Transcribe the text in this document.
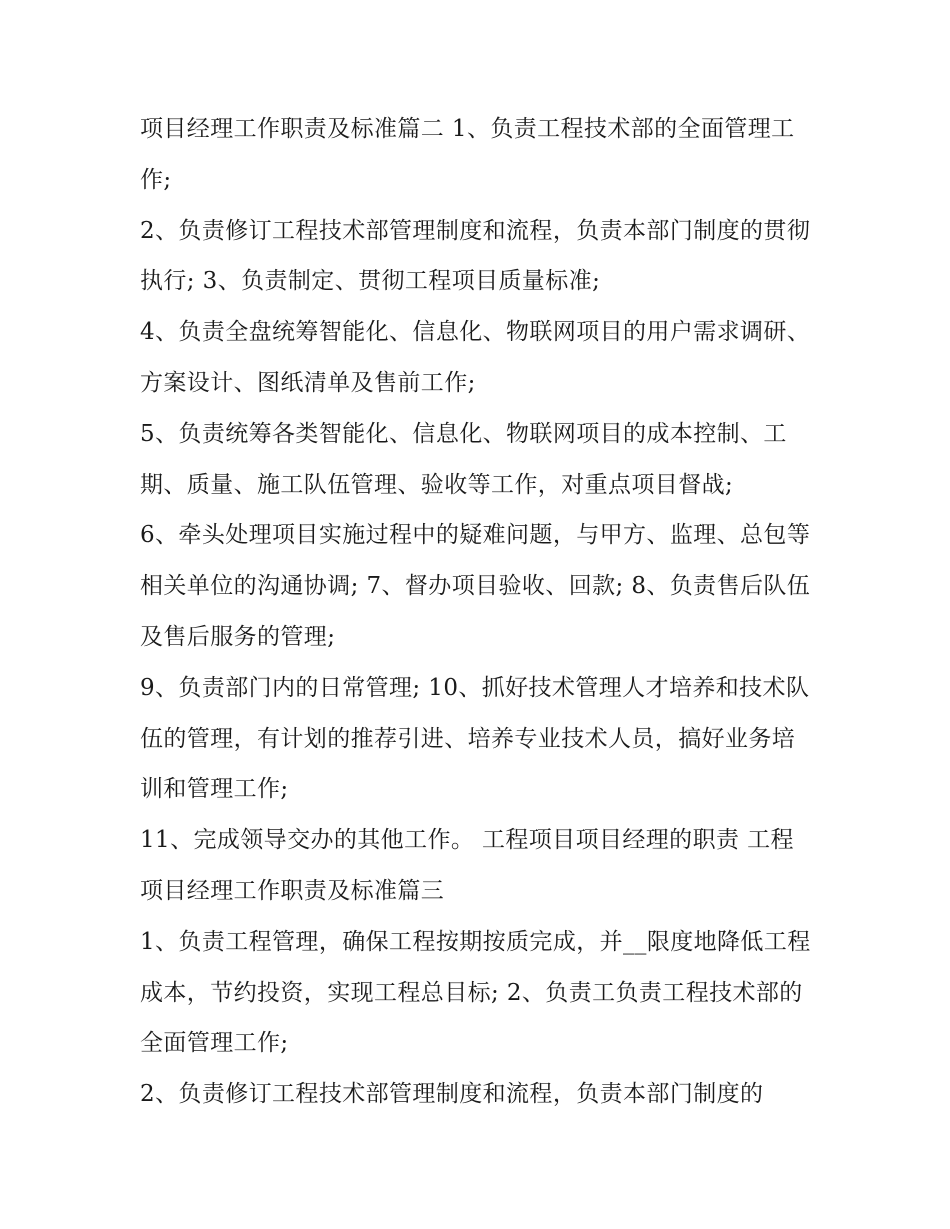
项目经理工作职责及标准篇二 1、负责工程技术部的全面管理工作;

2、负责修订工程技术部管理制度和流程，负责本部门制度的贯彻执行; 3、负责制定、贯彻工程项目质量标准;

4、负责全盘统筹智能化、信息化、物联网项目的用户需求调研、方案设计、图纸清单及售前工作;

5、负责统筹各类智能化、信息化、物联网项目的成本控制、工期、质量、施工队伍管理、验收等工作，对重点项目督战;

6、牵头处理项目实施过程中的疑难问题，与甲方、监理、总包等相关单位的沟通协调; 7、督办项目验收、回款; 8、负责售后队伍及售后服务的管理;

9、负责部门内的日常管理; 10、抓好技术管理人才培养和技术队伍的管理，有计划的推荐引进、培养专业技术人员，搞好业务培训和管理工作;

11、完成领导交办的其他工作。 工程项目项目经理的职责 工程项目经理工作职责及标准篇三

1、负责工程管理，确保工程按期按质完成，并__限度地降低工程成本，节约投资，实现工程总目标; 2、负责工负责工程技术部的全面管理工作;

2、负责修订工程技术部管理制度和流程，负责本部门制度的
